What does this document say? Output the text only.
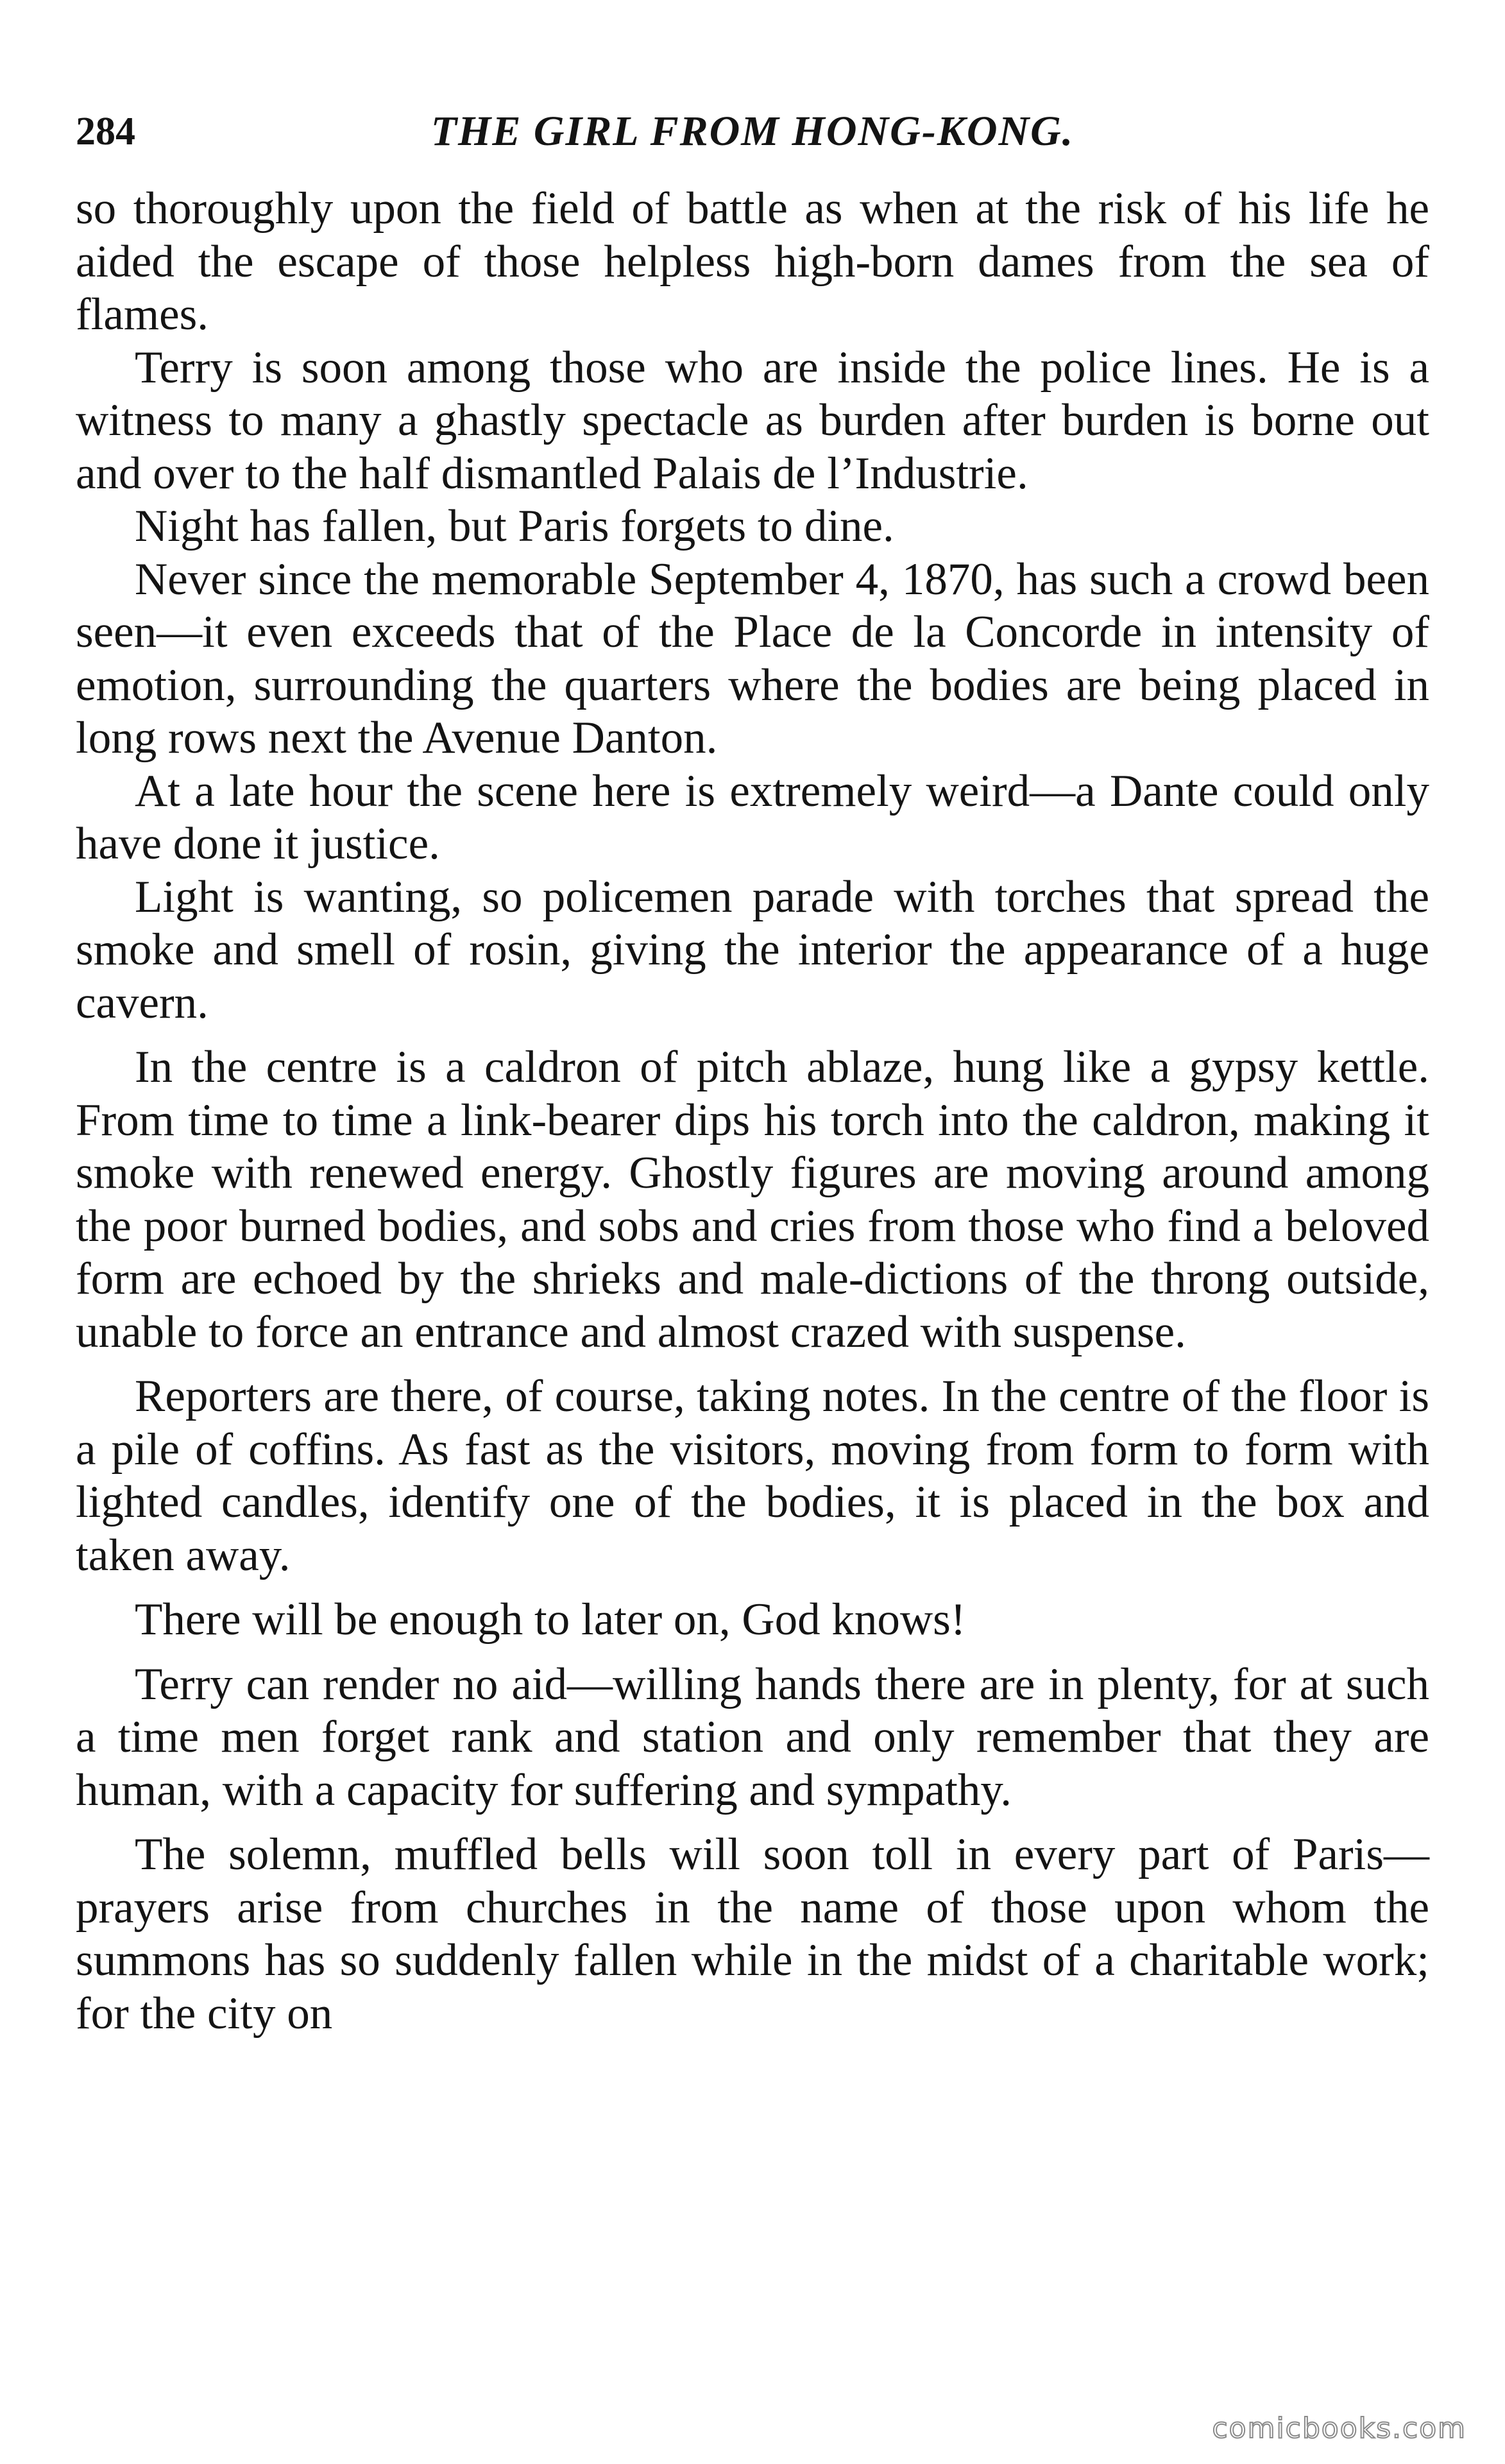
284	THE GIRL FROM HONG-KONG.

so thoroughly upon the field of battle as when at the risk of his life he aided the escape of those helpless high-born dames from the sea of flames.

Terry is soon among those who are inside the police lines. He is a witness to many a ghastly spectacle as burden after burden is borne out and over to the half dismantled Palais de l’Industrie.

Night has fallen, but Paris forgets to dine.

Never since the memorable September 4, 1870, has such a crowd been seen—it even exceeds that of the Place de la Concorde in intensity of emotion, surrounding the quarters where the bodies are being placed in long rows next the Avenue Danton.

At a late hour the scene here is extremely weird—a Dante could only have done it justice.

Light is wanting, so policemen parade with torches that spread the smoke and smell of rosin, giving the interior the appearance of a huge cavern.

In the centre is a caldron of pitch ablaze, hung like a gypsy kettle. From time to time a link-bearer dips his torch into the caldron, making it smoke with renewed energy. Ghostly figures are moving around among the poor burned bodies, and sobs and cries from those who find a beloved form are echoed by the shrieks and male-dictions of the throng outside, unable to force an entrance and almost crazed with suspense.

Reporters are there, of course, taking notes. In the centre of the floor is a pile of coffins. As fast as the visitors, moving from form to form with lighted candles, identify one of the bodies, it is placed in the box and taken away.

There will be enough to later on, God knows!

Terry can render no aid—willing hands there are in plenty, for at such a time men forget rank and station and only remember that they are human, with a capacity for suffering and sympathy.

The solemn, muffled bells will soon toll in every part of Paris—prayers arise from churches in the name of those upon whom the summons has so suddenly fallen while in the midst of a charitable work; for the city on

comicbooks.com
